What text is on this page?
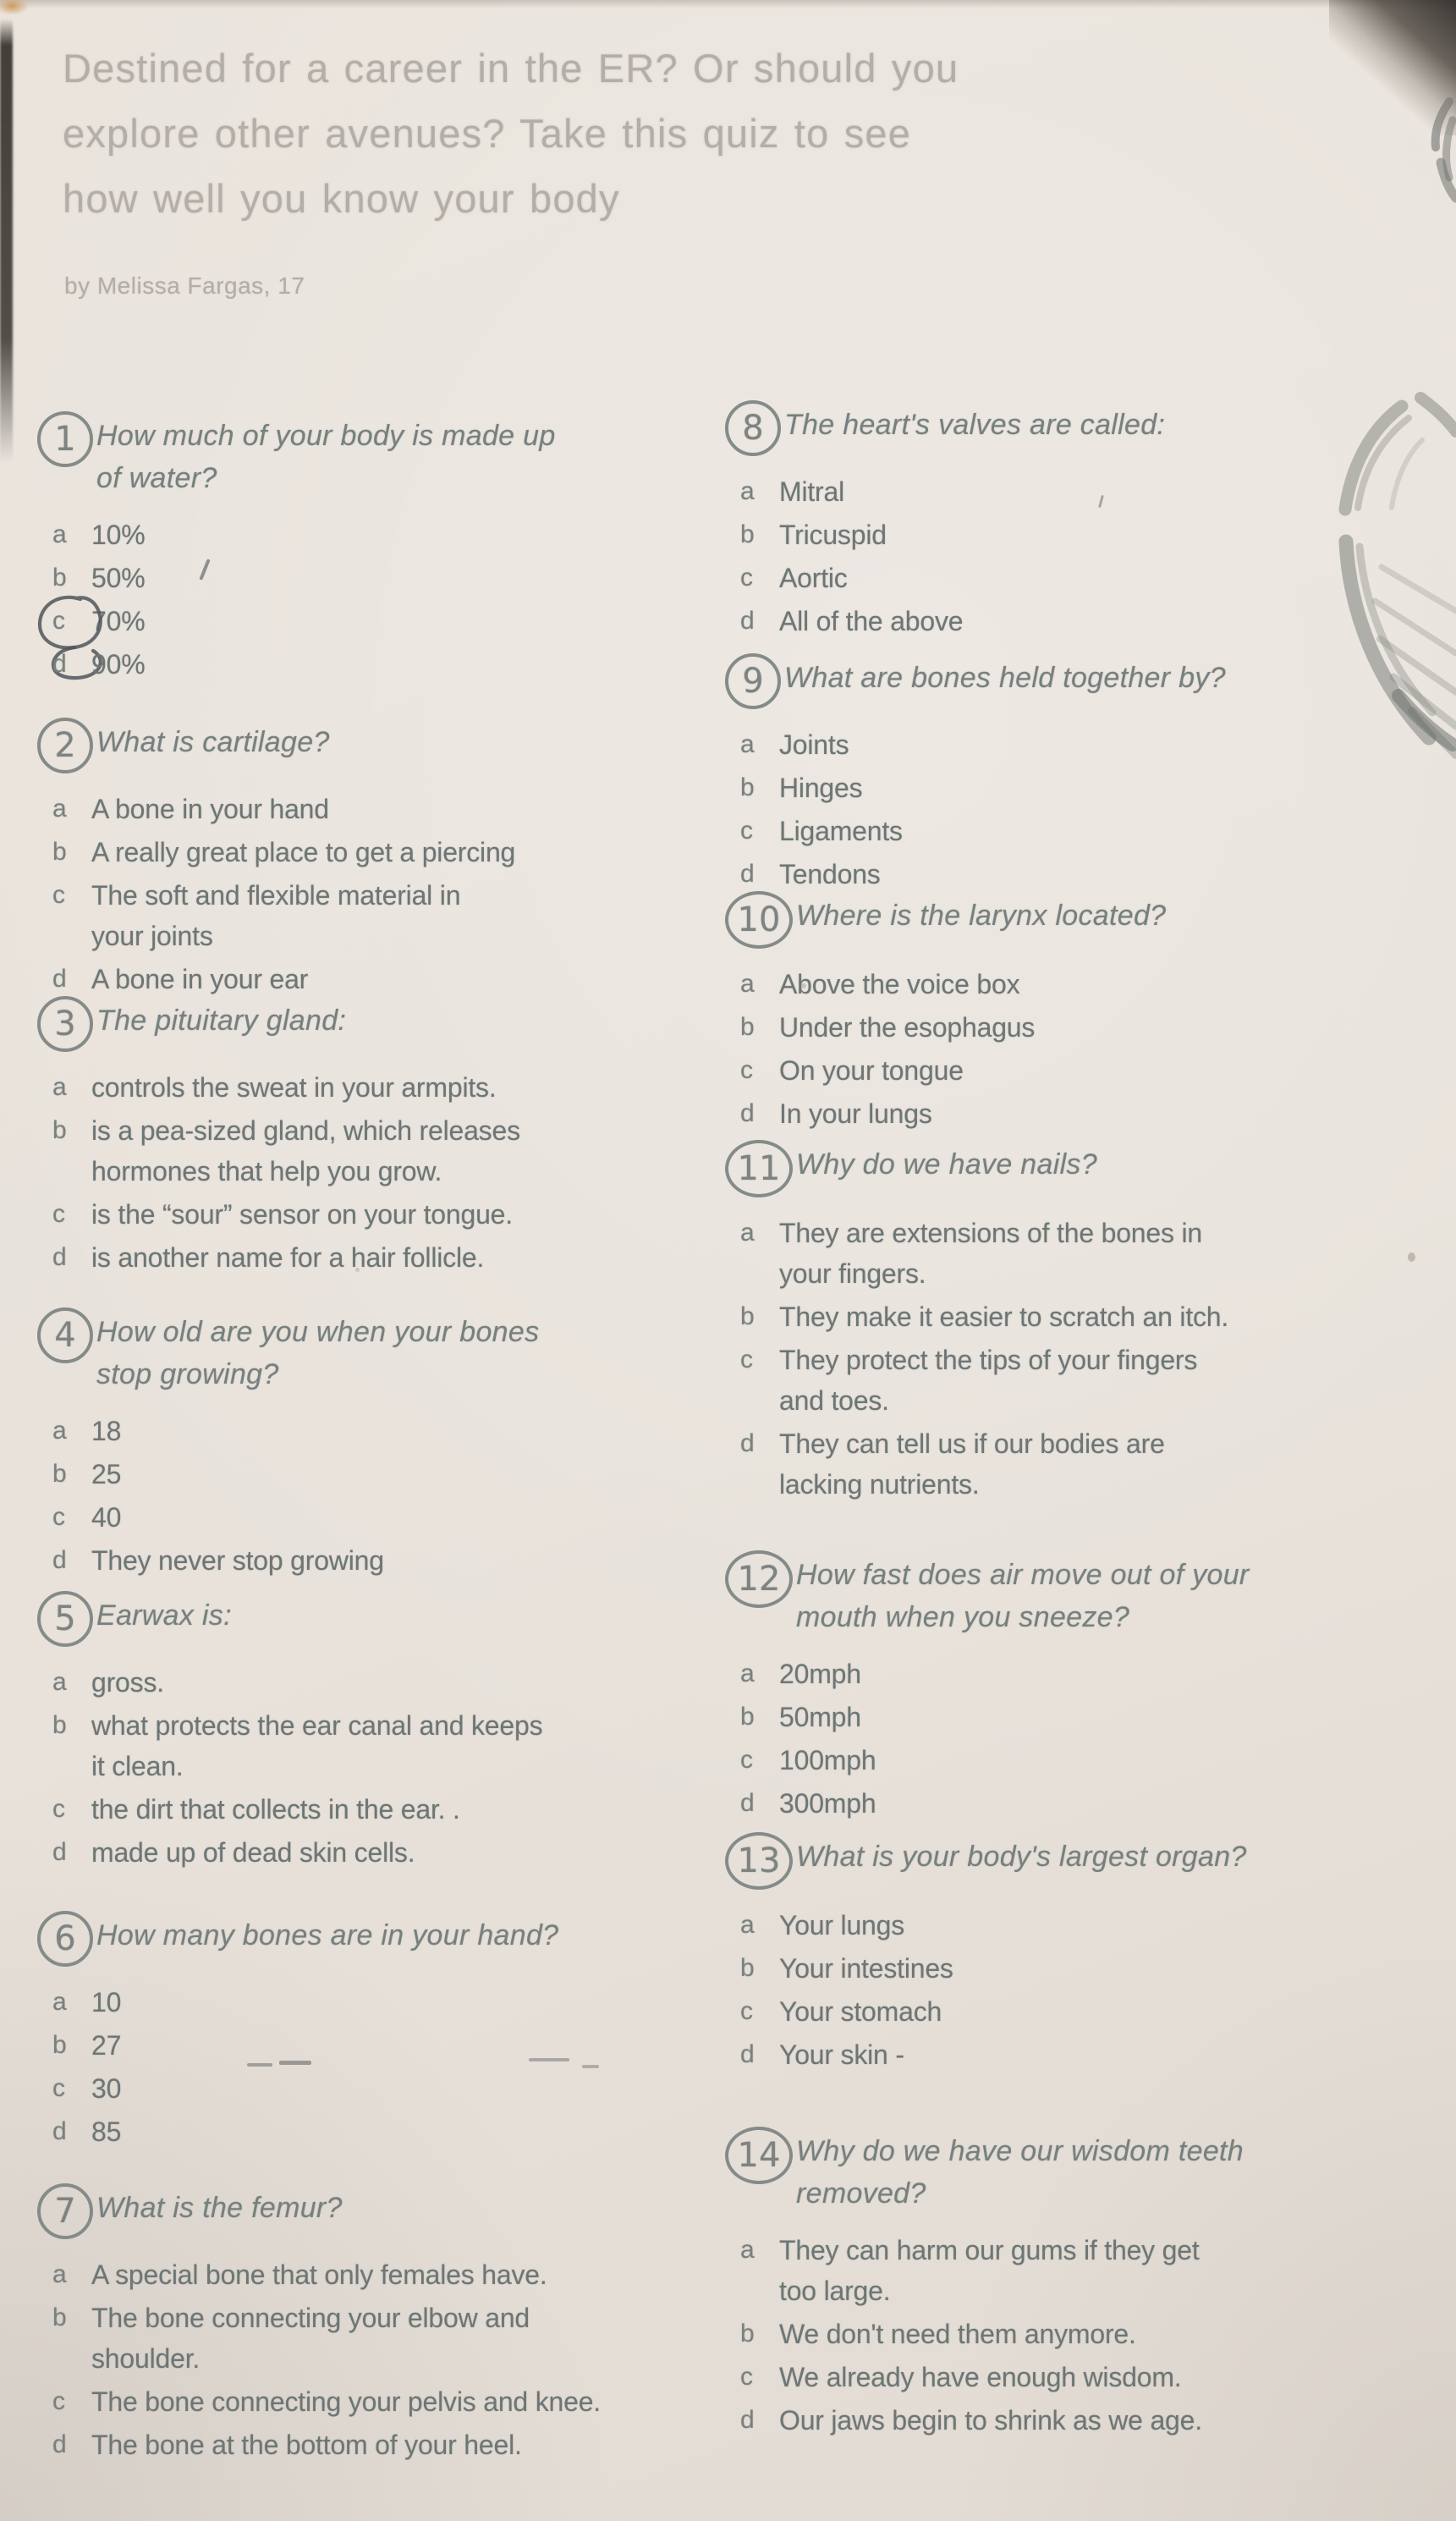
Destined for a career in the ER? Or should you
explore other avenues? Take this quiz to see
how well you know your body
by Melissa Fargas, 17
1 How much of your body is made up
of water?
a 10%
b 50%
c 70%
d 90%
2 What is cartilage?
a A bone in your hand
b A really great place to get a piercing
c The soft and flexible material in
your joints
d A bone in your ear
3 The pituitary gland:
a controls the sweat in your armpits.
b is a pea-sized gland, which releases
hormones that help you grow.
c is the “sour” sensor on your tongue.
d is another name for a hair follicle.
4 How old are you when your bones
stop growing?
a 18
b 25
c 40
d They never stop growing
5 Earwax is:
a gross.
b what protects the ear canal and keeps
it clean.
c the dirt that collects in the ear. .
d made up of dead skin cells.
6 How many bones are in your hand?
a 10
b 27
c 30
d 85
7 What is the femur?
a A special bone that only females have.
b The bone connecting your elbow and
shoulder.
c The bone connecting your pelvis and knee.
d The bone at the bottom of your heel.
8 The heart's valves are called:
a Mitral
b Tricuspid
c Aortic
d All of the above
9 What are bones held together by?
a Joints
b Hinges
c Ligaments
d Tendons
10 Where is the larynx located?
a Above the voice box
b Under the esophagus
c On your tongue
d In your lungs
11 Why do we have nails?
a They are extensions of the bones in
your fingers.
b They make it easier to scratch an itch.
c They protect the tips of your fingers
and toes.
d They can tell us if our bodies are
lacking nutrients.
12 How fast does air move out of your
mouth when you sneeze?
a 20mph
b 50mph
c 100mph
d 300mph
13 What is your body's largest organ?
a Your lungs
b Your intestines
c Your stomach
d Your skin -
14 Why do we have our wisdom teeth
removed?
a They can harm our gums if they get
too large.
b We don't need them anymore.
c We already have enough wisdom.
d Our jaws begin to shrink as we age.
